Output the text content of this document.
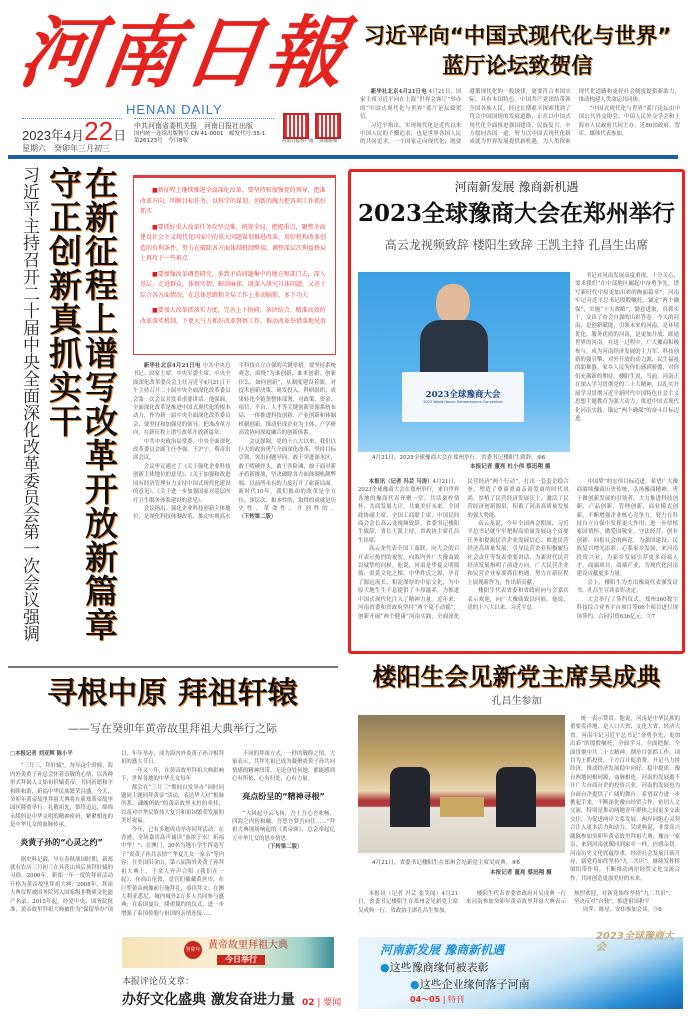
河南日報
HENAN DAILY
2023年4月22日
星期六　癸卯年三月初三
中共河南省委机关报　河南日报社出版
国内统一连续出版物号:CN 41-0001　邮发代号:35-1
第26123号　今日8版	河南日报客户端	顶端新闻
习近平向“中国式现代化与世界”
蓝厅论坛致贺信

新华社北京4月21日电 4月21日，国家主席习近平向在上海“世界会客厅”举办的“中国式现代化与世界”蓝厅论坛致贺信。

习近平指出，实现现代化是近代以来中国人民的不懈追求，也是世界各国人民的共同追求。一个国家走向现代化，既要遵循现代化的一般规律，更要符合本国实际，具有本国特色。中国共产党团结带领全国各族人民，经过长期艰辛探索找到了符合中国国情的发展道路，正在以中国式现代化全面推进强国建设、民族复兴。中方愿同各国一道，努力以中国式现代化新成就为世界发展提供新机遇，为人类探索现代化道路和更好社会制度提供新助力，推动构建人类命运共同体。

“中国式现代化与世界”蓝厅论坛由中国公共外交协会、中国人民外交学会和上海市人民政府共同主办，近80国政府、智库、媒体代表参加。

习近平主持召开二十届中央全面深化改革委员会第一次会议强调 在新征程上谱写改革开放新篇章
守正创新真抓实干	■新征程上继续推进全面深化改革，要坚持和加强党的领导，把准改革方向，明晰目标任务，以科学的谋划、创新的魄力把各项工作抓好抓实

■要抓好重大改革任务攻坚克难，统筹全局，把握重点，聚焦全面建设社会主义现代化国家中的重大问题谋划推进改革，用好机构改革创造的有利条件，努力在破除各方面体制机制弊端、调整深层次利益格局上再攻下一些难点

■要加强改革调查研究，多到矛盾问题集中的地方和部门去，深入基层、走进群众，体察实情、解剖麻雀，既深入研究具体问题，又善于综合各方面情况，在总体思路和全局工作上多动脑筋、多下功夫

■要加大改革抓落实力度，完善上下协同、条块结合、精准高效的改革落实机制，下更大气力抓好改革督察工作，推动改革举措落地见效

新华社北京4月21日电 中共中央总书记、国家主席、中央军委主席、中央全面深化改革委员会主任习近平4月21日下午主持召开二十届中央全面深化改革委员会第一次会议并发表重要讲话。他强调，全面深化改革是推进中国式现代化的根本动力，作为新一届中央全面深化改革委员会，要坚持和加强党的领导，把准改革方向，在新征程上谱写改革开放新篇章。

中共中央政治局常委、中央全面深化改革委员会副主任李强、王沪宁、蔡奇出席会议。

会议审议通过了《关于强化企业科技创新主体地位的意见》、《关于加强和改进国有经济管理有力支持中国式现代化建设的意见》、《关于进一步加强国家对基层医疗卫生服务体系建设的意见》。

会议指出，强化企业科技创新主体地位，是深化科技体制改革、推动实现高水平科技自立自强的关键举措。要坚持系统观念，围绕“为谁创新、谁来创新、创新什么、如何创新”，从制度建设着眼，对技术创新决策、研发投入、科研组织、成果转化全链条整体部署，对政策、资金、项目、平台、人才等关键创新资源系统布局，一体推进科技创新、产业创新和体制机制创新，推动形成企业为主体、产学研高效协同深度融合的创新体系。

会议强调，党的十八大以来，我们以巨大的政治勇气全面深化改革，坚持目标引领，突出问题导向，敢于突进深水区，敢于啃硬骨头，敢于涉险滩，敢于面对新矛盾新挑战，坚决破除各方面体制机制弊端，以前所未有的力度打开了崭新局面。新时代10年，我们推动的改革是全方位、深层次、根本性的，取得的成就是历史性、革命性、开创性的。（下转第二版）

寻根中原 拜祖轩辕
——写在癸卯年黄帝故里拜祖大典举行之际
□本报记者 刘亚辉 陈小平

“三月三，拜轩辕”。每年这个时候，海内外炎黄子孙总会怀着崇敬的心情，以各种形式拜谒人文始祖轩辕黄帝，共同祈愿和平和睦和谐，祈福中华民族繁荣昌盛。今天，癸卯年黄帝故里拜祖大典将在新郑黄帝故里园区隆重举行。礼敬祖先，慎终追远，绵绵永续的是中华文明的精神密码，紧紧相连的是中华儿女的血脉传承。

炎黄子孙的“心灵之约”

据史料记载，早在春秋战国时期，新郑就有农历三月初三在具茨山风后顶拜轩辕的习俗。2006年，新郑一年一度的拜祖活动升格为黄帝故里拜祖大典；2008年，拜祖大典仪程被国务院列入国家级非物质文化遗产名录；2015年起，经党中央、国务院批准，黄帝故里拜祖大典被作为“保留举办”项目，年年举办，成为海内外炎黄子孙寻根拜祖的盛大节日。

一年又一年，在黄帝故里拜祖大典影响下，世界各地的中华儿女每年

都会在“三月三”期间自发举办“同时同题同主题同拜黄帝”活动，表达华人对“根脉所系、魂魄所依”的黄帝故里永恒的牵挂，以及对中华民族伟大复兴和祖国繁荣发展的美好祝福。

今年，已有多地成功举办同拜活动：在香港，全场嘉宾高声诵读“血浓于水！祈福中华！”；在澳门，30名当地小学生挥毫写下“炎黄子孙共亲情”“华夏儿女一家亲”等内容；在美国旧金山，第八届海外炎黄子孙拜祖大典上，千余人齐声合唱《我们在一起》；在高山伦敦，意宫们戴戴黄丝巾，在巨型黄帝画像前行施拜礼，恭读拜文；在澳大利亚悉尼，城内城外2万多人共同参与盛典；在泰国曼谷，隆重简约的仪式，进一步增强了泰国侨胞与祖国的亲情连接……

不同的拜祖方式，一样的敬仰之情。大家表示，共拜先祖已成为凝聚炎黄子孙共同情感的精神纽带，无论身处何地，都能感到心有所依、心有归处、心有力量。

亮点纷呈的“精神寻根”

“大风起兮云飞扬，吾土吾心吾欢畅，四海之内皆和融，吾思吾梦吾向往……”拜祖大典现场响起的《黄帝颂》，总会牵起亿万中华儿女的思乡情思。

（下转第二版）
癸卯年 黄帝故里拜祖大典
今日举行
本报评论员文章：
办好文化盛典 激发奋进力量 02 | 要闻
河南新发展 豫商新机遇
2023全球豫商大会在郑州举行
高云龙视频致辞 楼阳生致辞 王凯主持 孔昌生出席
2023全球豫商大会
2023 World Henan Entrepreneurs Convention
4月21日，2023全球豫商大会在郑州举行，省委书记楼阳生致辞。⑨6
本报记者 董亮 杜小伟 蔡迅翔 摄

书记对河南发展高度重视、十分关心，要求我们“在中部地区崛起中奋勇争先，谱写新时代中原更加出彩的绚丽篇章”。河南牢记习近平总书记殷殷嘱托，锚定“两个确保”，实施“十大战略”，勠意进取，真抓实干，交出了奋会自强的出彩答卷。今天的河南，是创新赋能、引领未来的河南，是环境优化、服务优质的河南，是更加开放、联通世界的河南。在这一过程中，广大豫商积极参与，成为河南经济发展的主力军、科技创新的强引擎、对外开放的动力源、民生福祉的助推器。家乡人民为你们感到骄傲，对你们充满新的期待。楼阳生说，当前，河南正在深入学习贯彻党的二十大精神，以扎实开展学习贯彻习近平新时代中国特色社会主义思想主题教育为强大动力，推进中国式现代化河南实践，锚定“两个确保”的奋斗目标迈进。

本报讯（记者 冯芸 马涛）4月21日，2023全球豫商大会在郑州举行，来自世界各地的豫商代表齐聚一堂，共话桑梓情怀，共商发展大计，共襄美好未来。全国政协副主席、全国工商联主席、中国民间商会会长高云龙视频致辞，省委书记楼阳生致辞，省长王凯主持，省政协主席孔昌生出席。

高云龙代表全国工商联，向大会的召开表示热烈的祝贺，向海内外广大豫商致以诚挚的问候。他说，河南是华夏文明摇篮、炎黄文化之根、中华姓氏之源，孕育了源远流长、积淀深厚的中原文化，为中原大地生生不息提供了丰厚滋养，为推进中国式现代化注入了精神力量。近年来，河南省委和省政府坚持“两个毫不动摇”，创新开展“两个健康”河南实践，全面深化民营经济“两个行动”，打出一套套企稳合拳，塑造了尊商重商亲商爱商的时代风尚，厚植了民营经济发展沃土，激活了民营经济创新源泉，积蓄了河南高质量发展的强大势能。

高云龙说，今年全国两会期间，习近平总书记就牢牢把握高质量发展这个首要任务和提振民营企业发展信心，推进民营经济高质量发展，引导民营企业积极履行社会责任等发表重要讲话，为新时代民营经济发展指明了前进方向。广大民营企业和民营企业家要抓住机遇，努力在新征程上展现新作为，作出新贡献。

楼阳生代表省委和省政府向与会嘉宾表示欢迎，向广大豫商致以问候。他说，党的十八大以来，习近平总

中国梦”的宏伟目标迈进。希望广大豫商赓续豫商历史传统，弘扬豫商精神，勇于做创新发展的引领者，大力推进科技创新、产品创新、管理创新、商业模式创新，不断增强企业核心竞争力，努力在科技自立自强中发挥更大作用；进一步厚植家国情怀，做爱国敬业、守法经营、创业创新、回报社会的典范，为强国建设、民族复兴增光添彩；心系家乡发展，来河南投资兴业，为家乡发展引荐更多商端人才，商端项目，商端产业，为现代化河南建设贡献更多力量。

会上，楼阳生为杰出豫商代表颁发证书。孔昌生宣读表彰决定。

大会举行了签约仪式。郑州360数字科技综合业务平台项目等66个项目进行现场签约，合同引资636亿元。③7

楼阳生会见新党主席吴成典
孔昌生参加
4月21日，省委书记楼阳生在郑州会见新党主席吴成典。⑨6
本报记者 董亮 蔡迅翔 摄

统一表示赞赏。他说，河南是中华民族的重要发祥地，是人口大省、文化大省、经济大省。河南牢记习近平总书记“奋勇争先、更加出彩”的殷殷嘱托，全面学习、全面把握、全面贯彻中共二十大精神，纲举目张抓工作，项目为王抓投资，千方百计促消费，开足马力拼经济，推动经济发展稳中向好、稳中提质。豫台两地同根同源，血脉相连，河南的发展离不开广大台商台企的投资兴业，河南的发展也为台商台企提供了广阔的舞台。希望双方进一步携起手来，不断深化豫台经贸合作，密切人文交流，特别是推动两地青年群体之间更多交流交往，为促进两岸关系发展、两岸同胞心灵契合注入更多活力和动力。吴成典说，非常高兴随陈参加癸卯年黄帝故里拜祖大典，豫台一家亲，来到河南就像回到家乡一样，倍感亲切。河南历史文化底蕴厚重，经济社会发展日新月异，新党将始终坚持“九二共识”，继续发挥桥梁纽带作用，不断推动两岸经贸文化交流合作，共同创造更加美好的未来。

本报讯（记者 冯芸 张笑闻）4月21日，省委书记楼阳生在郑州会见新党主席吴成典一行。省政协主席孔昌生参加。

楼阳生代表省委省政府对吴成典一行来河南参加癸卯年黄帝故里拜祖大典表示热烈欢迎，对新党始终坚持“九二共识”、坚决反对“台独”、推进祖国和平

周霁、陈星、安伟参加会谈。③6

河南新发展 豫商新机遇
●这些豫商缘何被表彰
●这些企业缘何落子河南
04～05 | 特刊
2023全球豫商大会
